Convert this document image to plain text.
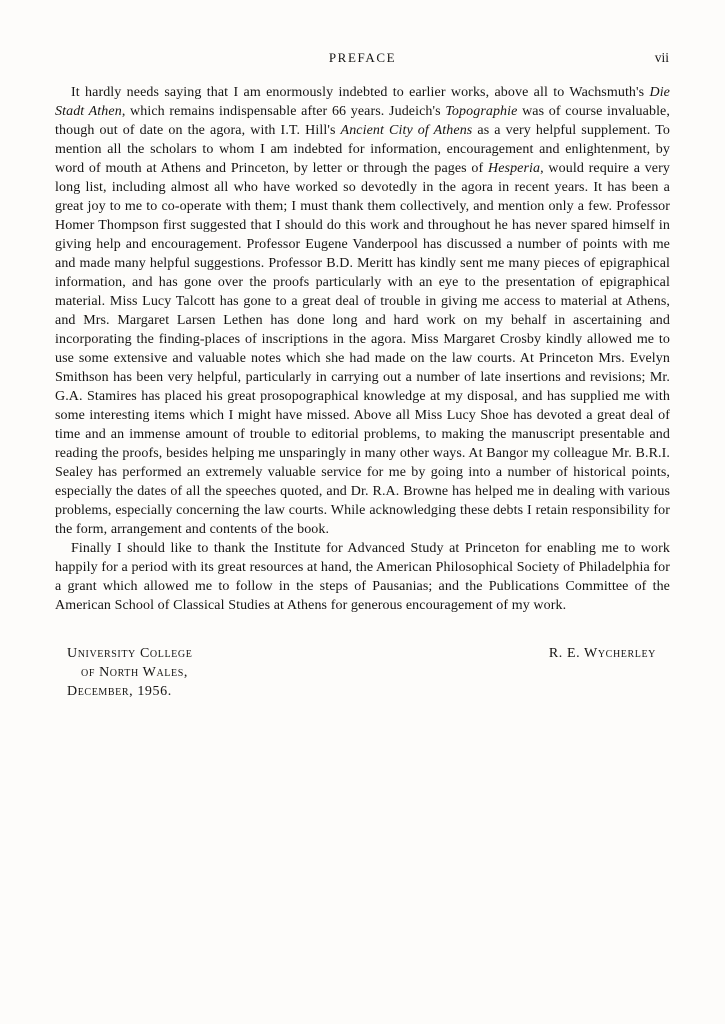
PREFACE	vii

It hardly needs saying that I am enormously indebted to earlier works, above all to Wachsmuth's Die Stadt Athen, which remains indispensable after 66 years. Judeich's Topographie was of course invaluable, though out of date on the agora, with I.T. Hill's Ancient City of Athens as a very helpful supplement. To mention all the scholars to whom I am indebted for information, encouragement and enlightenment, by word of mouth at Athens and Princeton, by letter or through the pages of Hesperia, would require a very long list, including almost all who have worked so devotedly in the agora in recent years. It has been a great joy to me to co-operate with them; I must thank them collectively, and mention only a few. Professor Homer Thompson first suggested that I should do this work and throughout he has never spared himself in giving help and encouragement. Professor Eugene Vanderpool has discussed a number of points with me and made many helpful suggestions. Professor B.D. Meritt has kindly sent me many pieces of epigraphical information, and has gone over the proofs particularly with an eye to the presentation of epigraphical material. Miss Lucy Talcott has gone to a great deal of trouble in giving me access to material at Athens, and Mrs. Margaret Larsen Lethen has done long and hard work on my behalf in ascertaining and incorporating the finding-places of inscriptions in the agora. Miss Margaret Crosby kindly allowed me to use some extensive and valuable notes which she had made on the law courts. At Princeton Mrs. Evelyn Smithson has been very helpful, particularly in carrying out a number of late insertions and revisions; Mr. G.A. Stamires has placed his great prosopographical knowledge at my disposal, and has supplied me with some interesting items which I might have missed. Above all Miss Lucy Shoe has devoted a great deal of time and an immense amount of trouble to editorial problems, to making the manuscript presentable and reading the proofs, besides helping me unsparingly in many other ways. At Bangor my colleague Mr. B.R.I. Sealey has performed an extremely valuable service for me by going into a number of historical points, especially the dates of all the speeches quoted, and Dr. R.A. Browne has helped me in dealing with various problems, especially concerning the law courts. While acknowledging these debts I retain responsibility for the form, arrangement and contents of the book.

Finally I should like to thank the Institute for Advanced Study at Princeton for enabling me to work happily for a period with its great resources at hand, the American Philosophical Society of Philadelphia for a grant which allowed me to follow in the steps of Pausanias; and the Publications Committee of the American School of Classical Studies at Athens for generous encouragement of my work.

University College
of North Wales,
December, 1956.
R. E. Wycherley
